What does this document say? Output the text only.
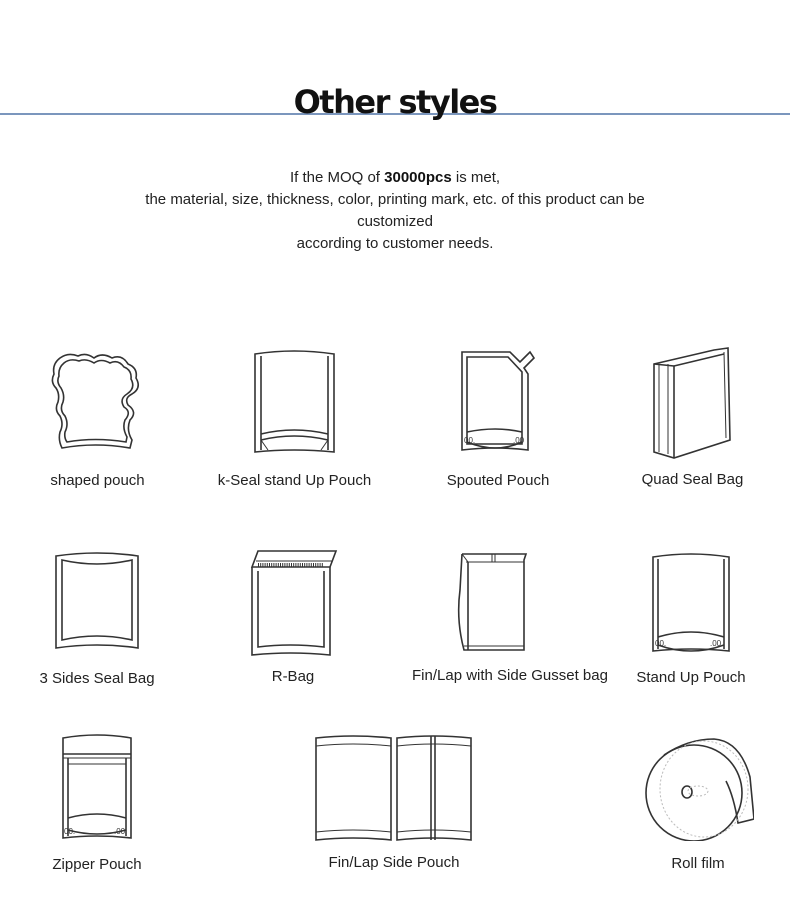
Other styles
If the MOQ of 30000pcs is met,
the material, size, thickness, color, printing mark, etc. of this product can be
customized
according to customer needs.
shaped pouch	k-Seal stand Up Pouch
00.	.00
Spouted Pouch	Quad Seal Bag
3 Sides Seal Bag	R-Bag	Fin/Lap with Side Gusset bag
00.	.00
Stand Up Pouch
00.	.00
Zipper Pouch	Fin/Lap Side Pouch	Roll film
